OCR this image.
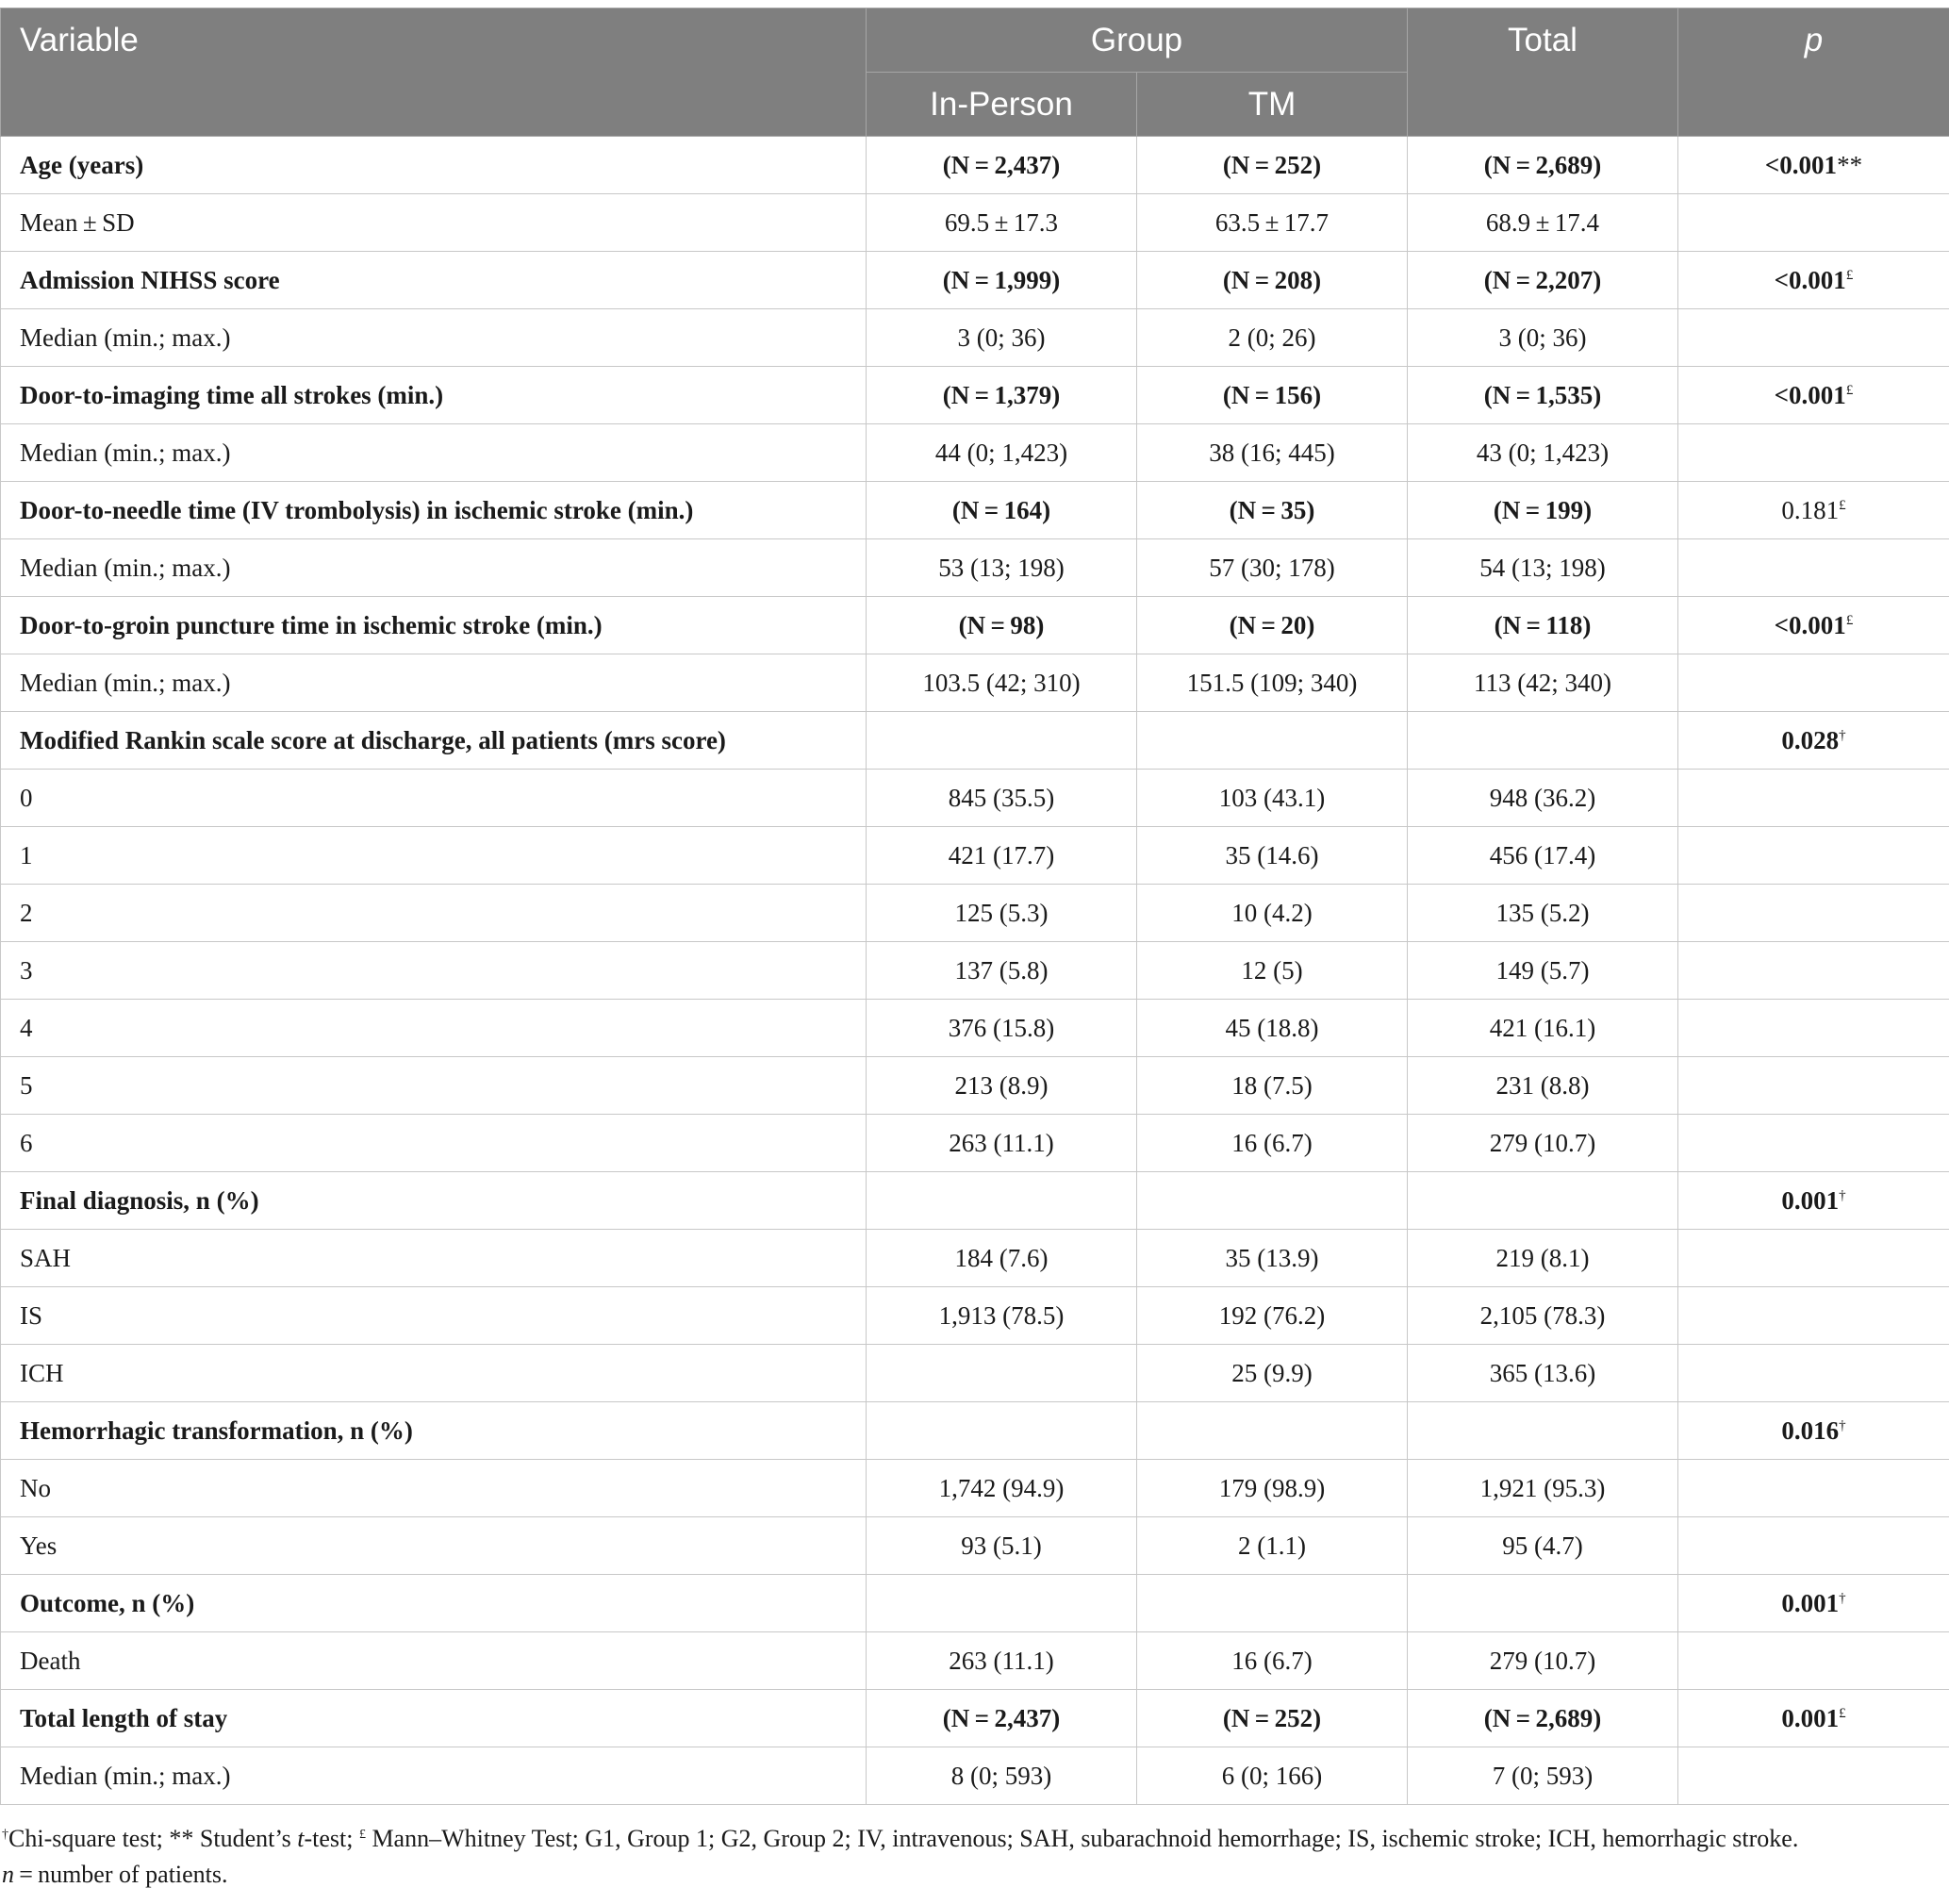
Variable	Group		Total	p
	In-Person	TM		
Age (years)	(N = 2,437)	(N = 252)	(N = 2,689)	<0.001**
Mean ± SD	69.5 ± 17.3	63.5 ± 17.7	68.9 ± 17.4	
Admission NIHSS score	(N = 1,999)	(N = 208)	(N = 2,207)	<0.001£
Median (min.; max.)	3 (0; 36)	2 (0; 26)	3 (0; 36)	
Door-to-imaging time all strokes (min.)	(N = 1,379)	(N = 156)	(N = 1,535)	<0.001£
Median (min.; max.)	44 (0; 1,423)	38 (16; 445)	43 (0; 1,423)	
Door-to-needle time (IV trombolysis) in ischemic stroke (min.)	(N = 164)	(N = 35)	(N = 199)	0.181£
Median (min.; max.)	53 (13; 198)	57 (30; 178)	54 (13; 198)	
Door-to-groin puncture time in ischemic stroke (min.)	(N = 98)	(N = 20)	(N = 118)	<0.001£
Median (min.; max.)	103.5 (42; 310)	151.5 (109; 340)	113 (42; 340)	
Modified Rankin scale score at discharge, all patients (mrs score)				0.028†
0	845 (35.5)	103 (43.1)	948 (36.2)	
1	421 (17.7)	35 (14.6)	456 (17.4)	
2	125 (5.3)	10 (4.2)	135 (5.2)	
3	137 (5.8)	12 (5)	149 (5.7)	
4	376 (15.8)	45 (18.8)	421 (16.1)	
5	213 (8.9)	18 (7.5)	231 (8.8)	
6	263 (11.1)	16 (6.7)	279 (10.7)	
Final diagnosis, n (%)				0.001†
SAH	184 (7.6)	35 (13.9)	219 (8.1)	
IS	1,913 (78.5)	192 (76.2)	2,105 (78.3)	
ICH		25 (9.9)	365 (13.6)	
Hemorrhagic transformation, n (%)				0.016†
No	1,742 (94.9)	179 (98.9)	1,921 (95.3)	
Yes	93 (5.1)	2 (1.1)	95 (4.7)	
Outcome, n (%)				0.001†
Death	263 (11.1)	16 (6.7)	279 (10.7)	
Total length of stay	(N = 2,437)	(N = 252)	(N = 2,689)	0.001£
Median (min.; max.)	8 (0; 593)	6 (0; 166)	7 (0; 593)	
†Chi-square test; ** Student’s t-test; £ Mann–Whitney Test; G1, Group 1; G2, Group 2; IV, intravenous; SAH, subarachnoid hemorrhage; IS, ischemic stroke; ICH, hemorrhagic stroke.
n = number of patients.
